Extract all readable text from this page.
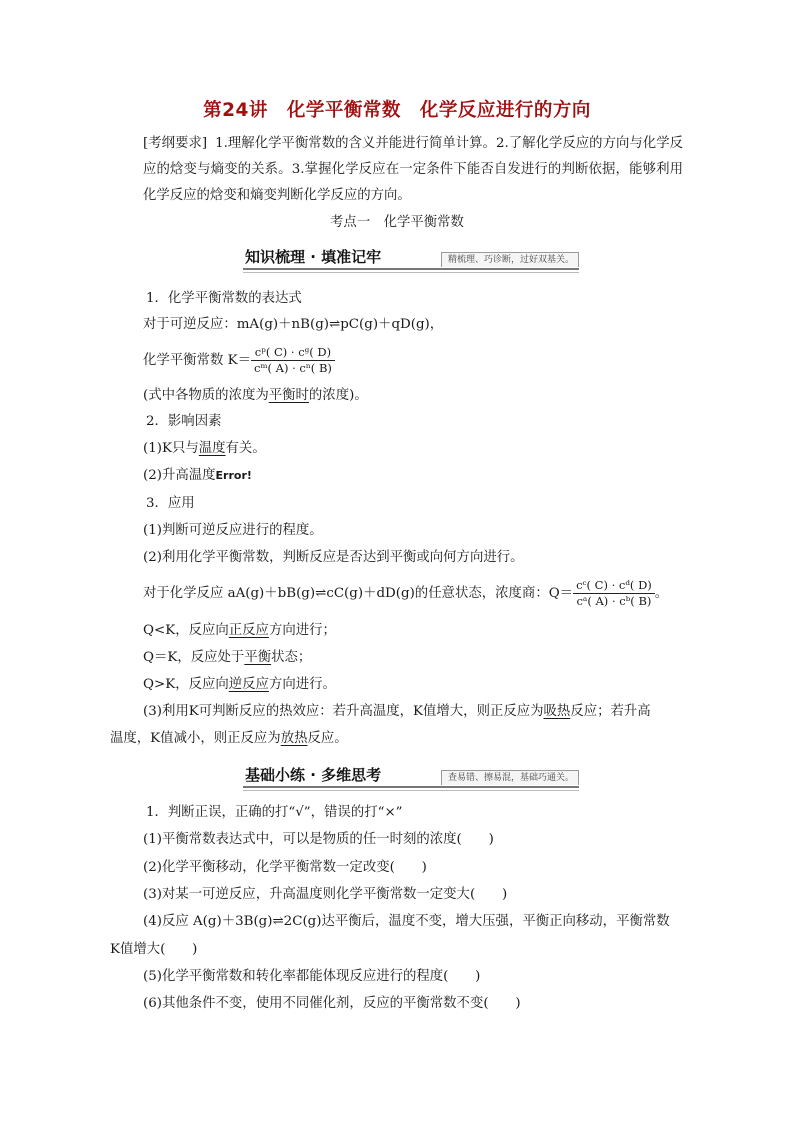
第24讲　化学平衡常数　化学反应进行的方向
[考纲要求] 1.理解化学平衡常数的含义并能进行简单计算。2.了解化学反应的方向与化学反应的焓变与熵变的关系。3.掌握化学反应在一定条件下能否自发进行的判断依据，能够利用化学反应的焓变和熵变判断化学反应的方向。
考点一　化学平衡常数
知识梳理 · 填准记牢	精梳理、巧诊断，过好双基关。
1．化学平衡常数的表达式
对于可逆反应：mA(g)＋nB(g)⇌pC(g)＋qD(g)，
化学平衡常数 $K= \frac{\text{cᵖ( C) · cᵍ( D)}}{\text{cᵐ( A) · cⁿ( B)}}$
(式中各物质的浓度为平衡时的浓度)。
2．影响因素
(1)K只与温度有关。
(2)升高温度Error!
3．应用
(1)判断可逆反应进行的程度。
(2)利用化学平衡常数，判断反应是否达到平衡或向何方向进行。
对于化学反应 aA(g)＋bB(g)⇌cC(g)＋dD(g)的任意状态，浓度商：$Q= \frac{\text{cᶜ( C) · cᵈ( D)}}{\text{cᵃ( A) · cᵇ( B)}}$ 。
Q<K，反应向正反应方向进行；
Q＝K，反应处于平衡状态；
Q>K，反应向逆反应方向进行。
(3)利用K可判断反应的热效应：若升高温度，K值增大，则正反应为吸热反应；若升高
温度，K值减小，则正反应为放热反应。
基础小练 · 多维思考	查易错、擦易混，基础巧通关。
1．判断正误，正确的打“√”，错误的打“×”
(1)平衡常数表达式中，可以是物质的任一时刻的浓度(　　)
(2)化学平衡移动，化学平衡常数一定改变(　　)
(3)对某一可逆反应，升高温度则化学平衡常数一定变大(　　)
(4)反应 A(g)＋3B(g)⇌2C(g)达平衡后，温度不变，增大压强，平衡正向移动，平衡常数
K值增大(　　)
(5)化学平衡常数和转化率都能体现反应进行的程度(　　)
(6)其他条件不变，使用不同催化剂，反应的平衡常数不变(　　)
